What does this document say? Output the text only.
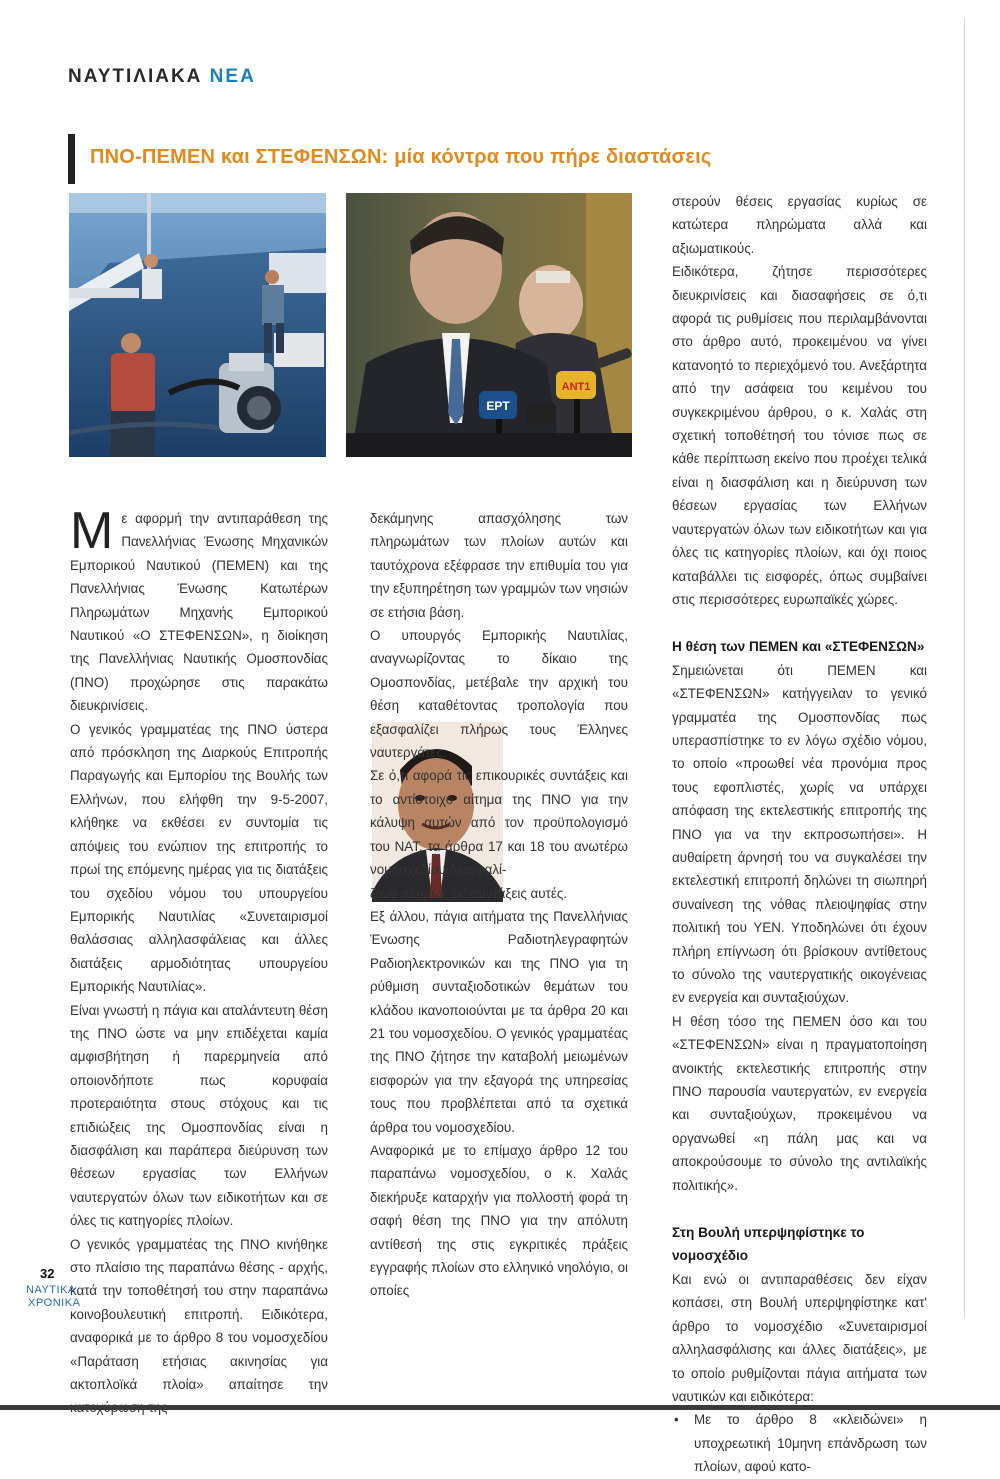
ΝΑΥΤΙΛΙΑΚΑ ΝΕΑ
ΠΝΟ-ΠΕΜΕΝ και ΣΤΕΦΕΝΣΩΝ: μία κόντρα που πήρε διαστάσεις
ΕΡΤ
ΑΝΤ1

Με αφορμή την αντιπαράθεση της Πανελλήνιας Ένωσης Μηχανικών Εμπορικού Ναυτικού (ΠΕΜΕΝ) και της Πανελλήνιας Ένωσης Κατωτέρων Πληρωμάτων Μηχανής Εμπορικού Ναυτικού «Ο ΣΤΕΦΕΝΣΩΝ», η διοίκηση της Πανελλήνιας Ναυτικής Ομοσπονδίας (ΠΝΟ) προχώρησε στις παρακάτω διευκρινίσεις.

Ο γενικός γραμματέας της ΠΝΟ ύστερα από πρόσκληση της Διαρκούς Επιτροπής Παραγωγής και Εμπορίου της Βουλής των Ελλήνων, που ελήφθη την 9-5-2007, κλήθηκε να εκθέσει εν συντομία τις απόψεις του ενώπιον της επιτροπής το πρωί της επόμενης ημέρας για τις διατάξεις του σχεδίου νόμου του υπουργείου Εμπορικής Ναυτιλίας «Συνεταιρισμοί θαλάσσιας αλληλασφάλειας και άλλες διατάξεις αρμοδιότητας υπουργείου Εμπορικής Ναυτιλίας».

Είναι γνωστή η πάγια και αταλάντευτη θέση της ΠΝΟ ώστε να μην επιδέχεται καμία αμφισβήτηση ή παρερμηνεία από οποιονδήποτε πως κορυφαία προτεραιότητα στους στόχους και τις επιδιώξεις της Ομοσπονδίας είναι η διασφάλιση και παράπερα διεύρυνση των θέσεων εργασίας των Ελλήνων ναυτεργατών όλων των ειδικοτήτων και σε όλες τις κατηγορίες πλοίων.

Ο γενικός γραμματέας της ΠΝΟ κινήθηκε στο πλαίσιο της παραπάνω θέσης - αρχής, κατά την τοποθέτησή του στην παραπάνω κοινοβουλευτική επιτροπή. Ειδικότερα, αναφορικά με το άρθρο 8 του νομοσχεδίου «Παράταση ετήσιας ακινησίας για ακτοπλοϊκά πλοία» απαίτησε την

δεκάμηνης απασχόλησης των πληρωμάτων των πλοίων αυτών και ταυτόχρονα εξέφρασε την επιθυμία του για την εξυπηρέτηση των γραμμών των νησιών σε ετήσια βάση.

Ο υπουργός Εμπορικής Ναυτιλίας, αναγνωρίζοντας το δίκαιο της Ομοσπονδίας, μετέβαλε την αρχική του θέση καταθέτοντας τροπολογία που εξασφαλίζει πλήρως τους Έλληνες ναυτεργάτες.

Σε ό,τι αφορά τις επικουρικές συντάξεις και το αντίστοιχο αίτημα της ΠΝΟ για την κάλυψη αυτών από τον προϋπολογισμό του ΝΑΤ, τα άρθρα 17 και 18 του ανωτέρω νομοσχεδίου διασφαλί-

ζουν πλήρως τις συντάξεις αυτές.

Εξ άλλου, πάγια αιτήματα της Πανελλήνιας Ένωσης Ραδιοτηλεγραφητών Ραδιοηλεκτρονικών και της ΠΝΟ για τη ρύθμιση συνταξιοδοτικών θεμάτων του κλάδου ικανοποιούνται με τα άρθρα 20 και 21 του νομοσχεδίου. Ο γενικός γραμματέας της ΠΝΟ ζήτησε την καταβολή μειωμένων εισφορών για την εξαγορά της υπηρεσίας τους που προβλέπεται από τα σχετικά άρθρα του νομοσχεδίου.

Αναφορικά με το επίμαχο άρθρο 12 του παραπάνω νομοσχεδίου, ο κ. Χαλάς διεκήρυξε καταρχήν για πολλοστή φορά τη σαφή θέση της ΠΝΟ για την απόλυτη αντίθεσή της στις εγκριτικές πράξεις εγγραφής πλοίων στο ελληνικό νηολόγιο, οι οποίες

στερούν θέσεις εργασίας κυρίως σε κατώτερα πληρώματα αλλά και αξιωματικούς.

Ειδικότερα, ζήτησε περισσότερες διευκρινίσεις και διασαφήσεις σε ό,τι αφορά τις ρυθμίσεις που περιλαμβάνονται στο άρθρο αυτό, προκειμένου να γίνει κατανοητό το περιεχόμενό του. Ανεξάρτητα από την ασάφεια του κειμένου του συγκεκριμένου άρθρου, ο κ. Χαλάς στη σχετική τοποθέτησή του τόνισε πως σε κάθε περίπτωση εκείνο που προέχει τελικά είναι η διασφάλιση και η διεύρυνση των θέσεων εργασίας των Ελλήνων ναυτεργατών όλων των ειδικοτήτων και για όλες τις κατηγορίες πλοίων, και όχι ποιος καταβάλλει τις εισφορές, όπως συμβαίνει στις περισσότερες ευρωπαϊκές χώρες.

Η θέση των ΠΕΜΕΝ και «ΣΤΕΦΕΝΣΩΝ»

Σημειώνεται ότι ΠΕΜΕΝ και «ΣΤΕΦΕΝΣΩΝ» κατήγγειλαν το γενικό γραμματέα της Ομοσπονδίας πως υπερασπίστηκε το εν λόγω σχέδιο νόμου, το οποίο «προωθεί νέα προνόμια προς τους εφοπλιστές, χωρίς να υπάρχει απόφαση της εκτελεστικής επιτροπής της ΠΝΟ για να την εκπροσωπήσει». Η αυθαίρετη άρνησή του να συγκαλέσει την εκτελεστική επιτροπή δηλώνει τη σιωπηρή συναίνεση της νόθας πλειοψηφίας στην πολιτική του ΥΕΝ. Υποδηλώνει ότι έχουν πλήρη επίγνωση ότι βρίσκουν αντίθετους το σύνολο της ναυτεργατικής οικογένειας εν ενεργεία και συνταξιούχων.

Η θέση τόσο της ΠΕΜΕΝ όσο και του «ΣΤΕΦΕΝΣΩΝ» είναι η πραγματοποίηση ανοικτής εκτελεστικής επιτροπής στην ΠΝΟ παρουσία ναυτεργατών, εν ενεργεία και συνταξιούχων, προκειμένου να οργανωθεί «η πάλη μας και να αποκρούσουμε το σύνολο της αντιλαϊκής πολιτικής».

Στη Βουλή υπερψηφίστηκε το νομοσχέδιο

Και ενώ οι αντιπαραθέσεις δεν είχαν κοπάσει, στη Βουλή υπερψηφίστηκε κατ' άρθρο το νομοσχέδιο «Συνεταιρισμοί αλληλασφάλισης και άλλες διατάξεις», με το οποίο ρυθμίζονται πάγια αιτήματα των ναυτικών και ειδικότερα:

• Με το άρθρο 8 «κλειδώνει» η υποχρεωτική 10μηνη επάνδρωση των πλοίων, αφού κατο-
32
ΝΑΥΤΙΚΑ
ΧΡΟΝΙΚΑ
